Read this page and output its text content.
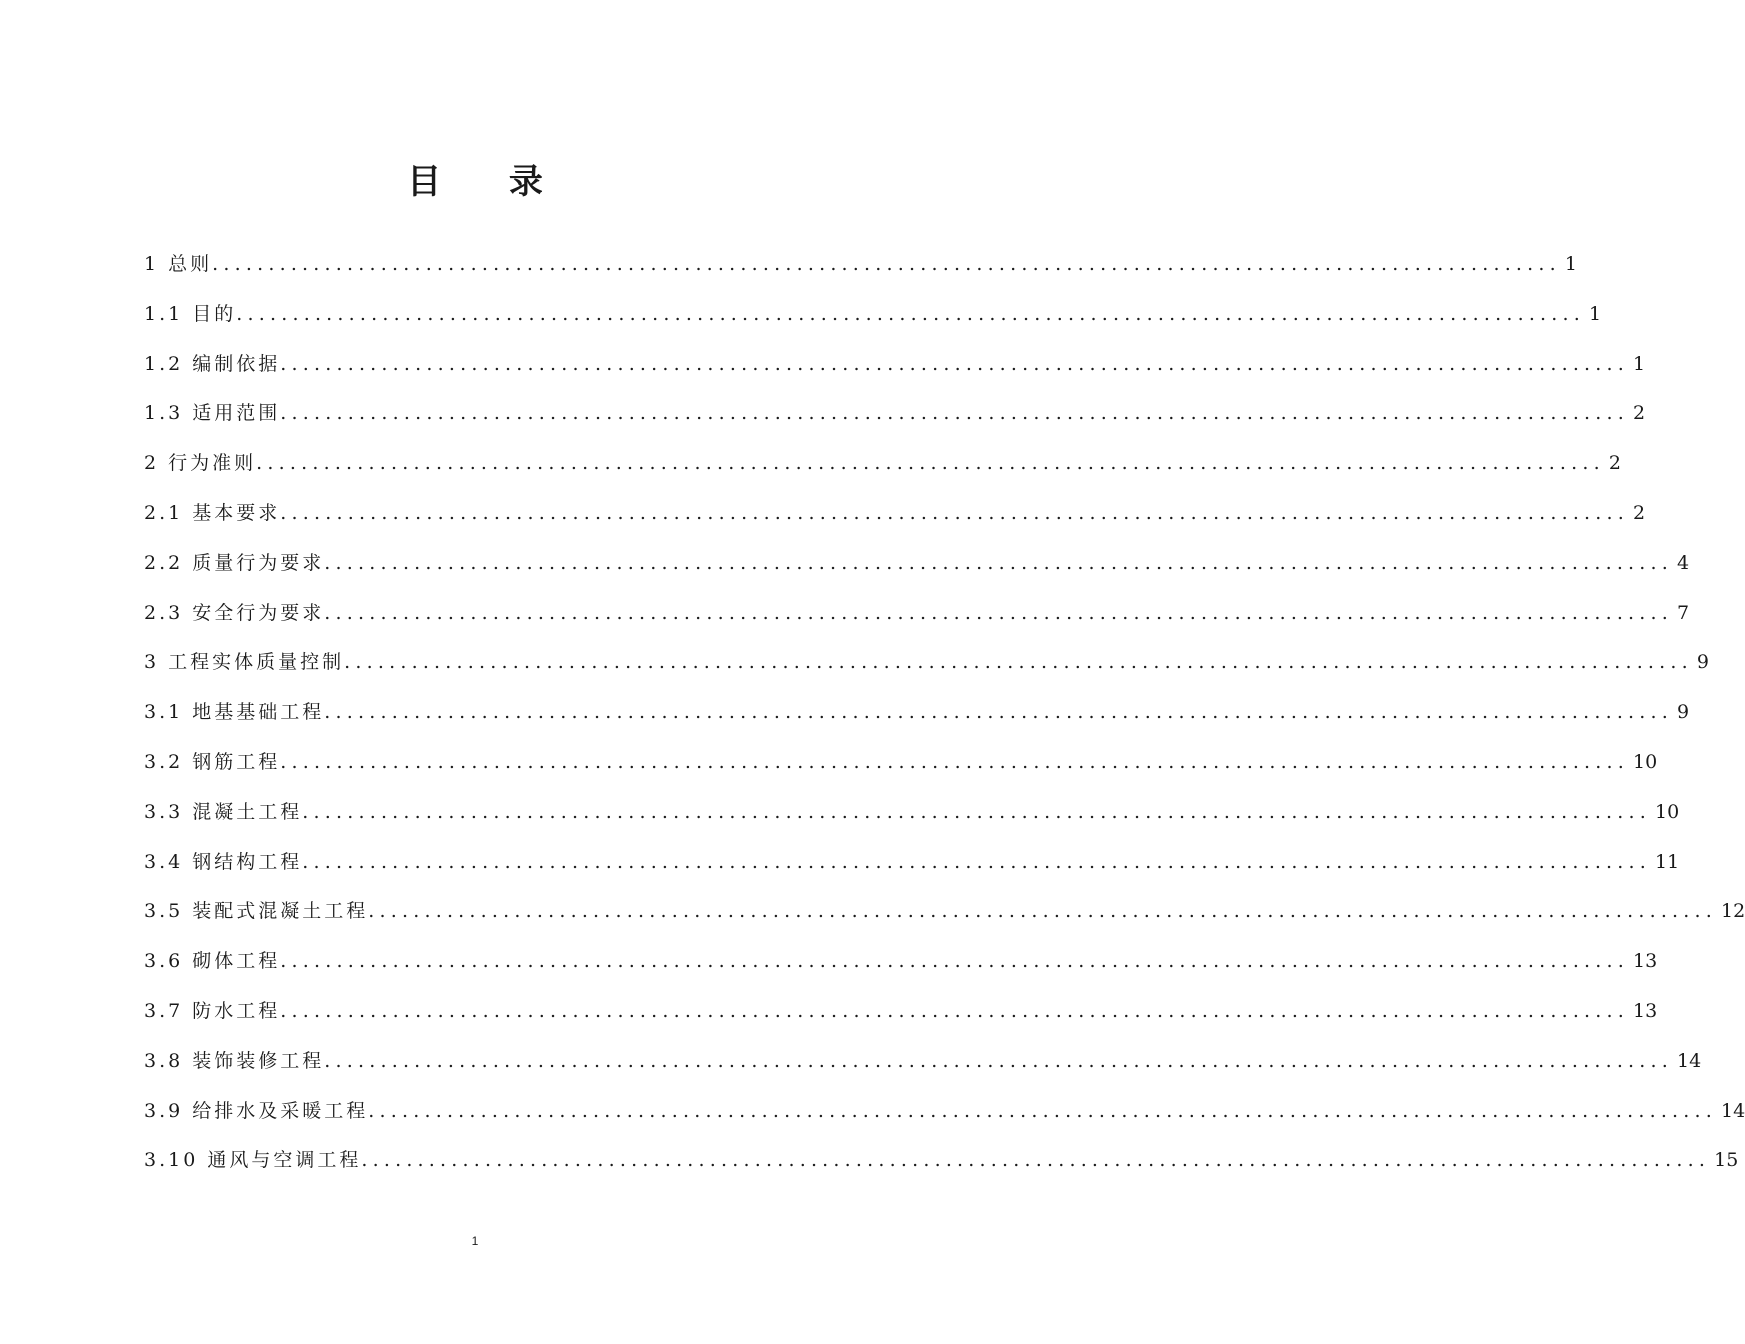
目 录
1 总则 ........................................................................................................................ 1
1.1 目的 ........................................................................................................................ 1
1.2 编制依据 ........................................................................................................................ 1
1.3 适用范围 ........................................................................................................................ 2
2 行为准则 ........................................................................................................................ 2
2.1 基本要求 ........................................................................................................................ 2
2.2 质量行为要求 ........................................................................................................................ 4
2.3 安全行为要求 ........................................................................................................................ 7
3 工程实体质量控制 ........................................................................................................................ 9
3.1 地基基础工程 ........................................................................................................................ 9
3.2 钢筋工程 ........................................................................................................................ 10
3.3 混凝土工程 ........................................................................................................................ 10
3.4 钢结构工程 ........................................................................................................................ 11
3.5 装配式混凝土工程 ........................................................................................................................ 12
3.6 砌体工程 ........................................................................................................................ 13
3.7 防水工程 ........................................................................................................................ 13
3.8 装饰装修工程 ........................................................................................................................ 14
3.9 给排水及采暖工程 ........................................................................................................................ 14
3.10 通风与空调工程 ........................................................................................................................ 15
1
